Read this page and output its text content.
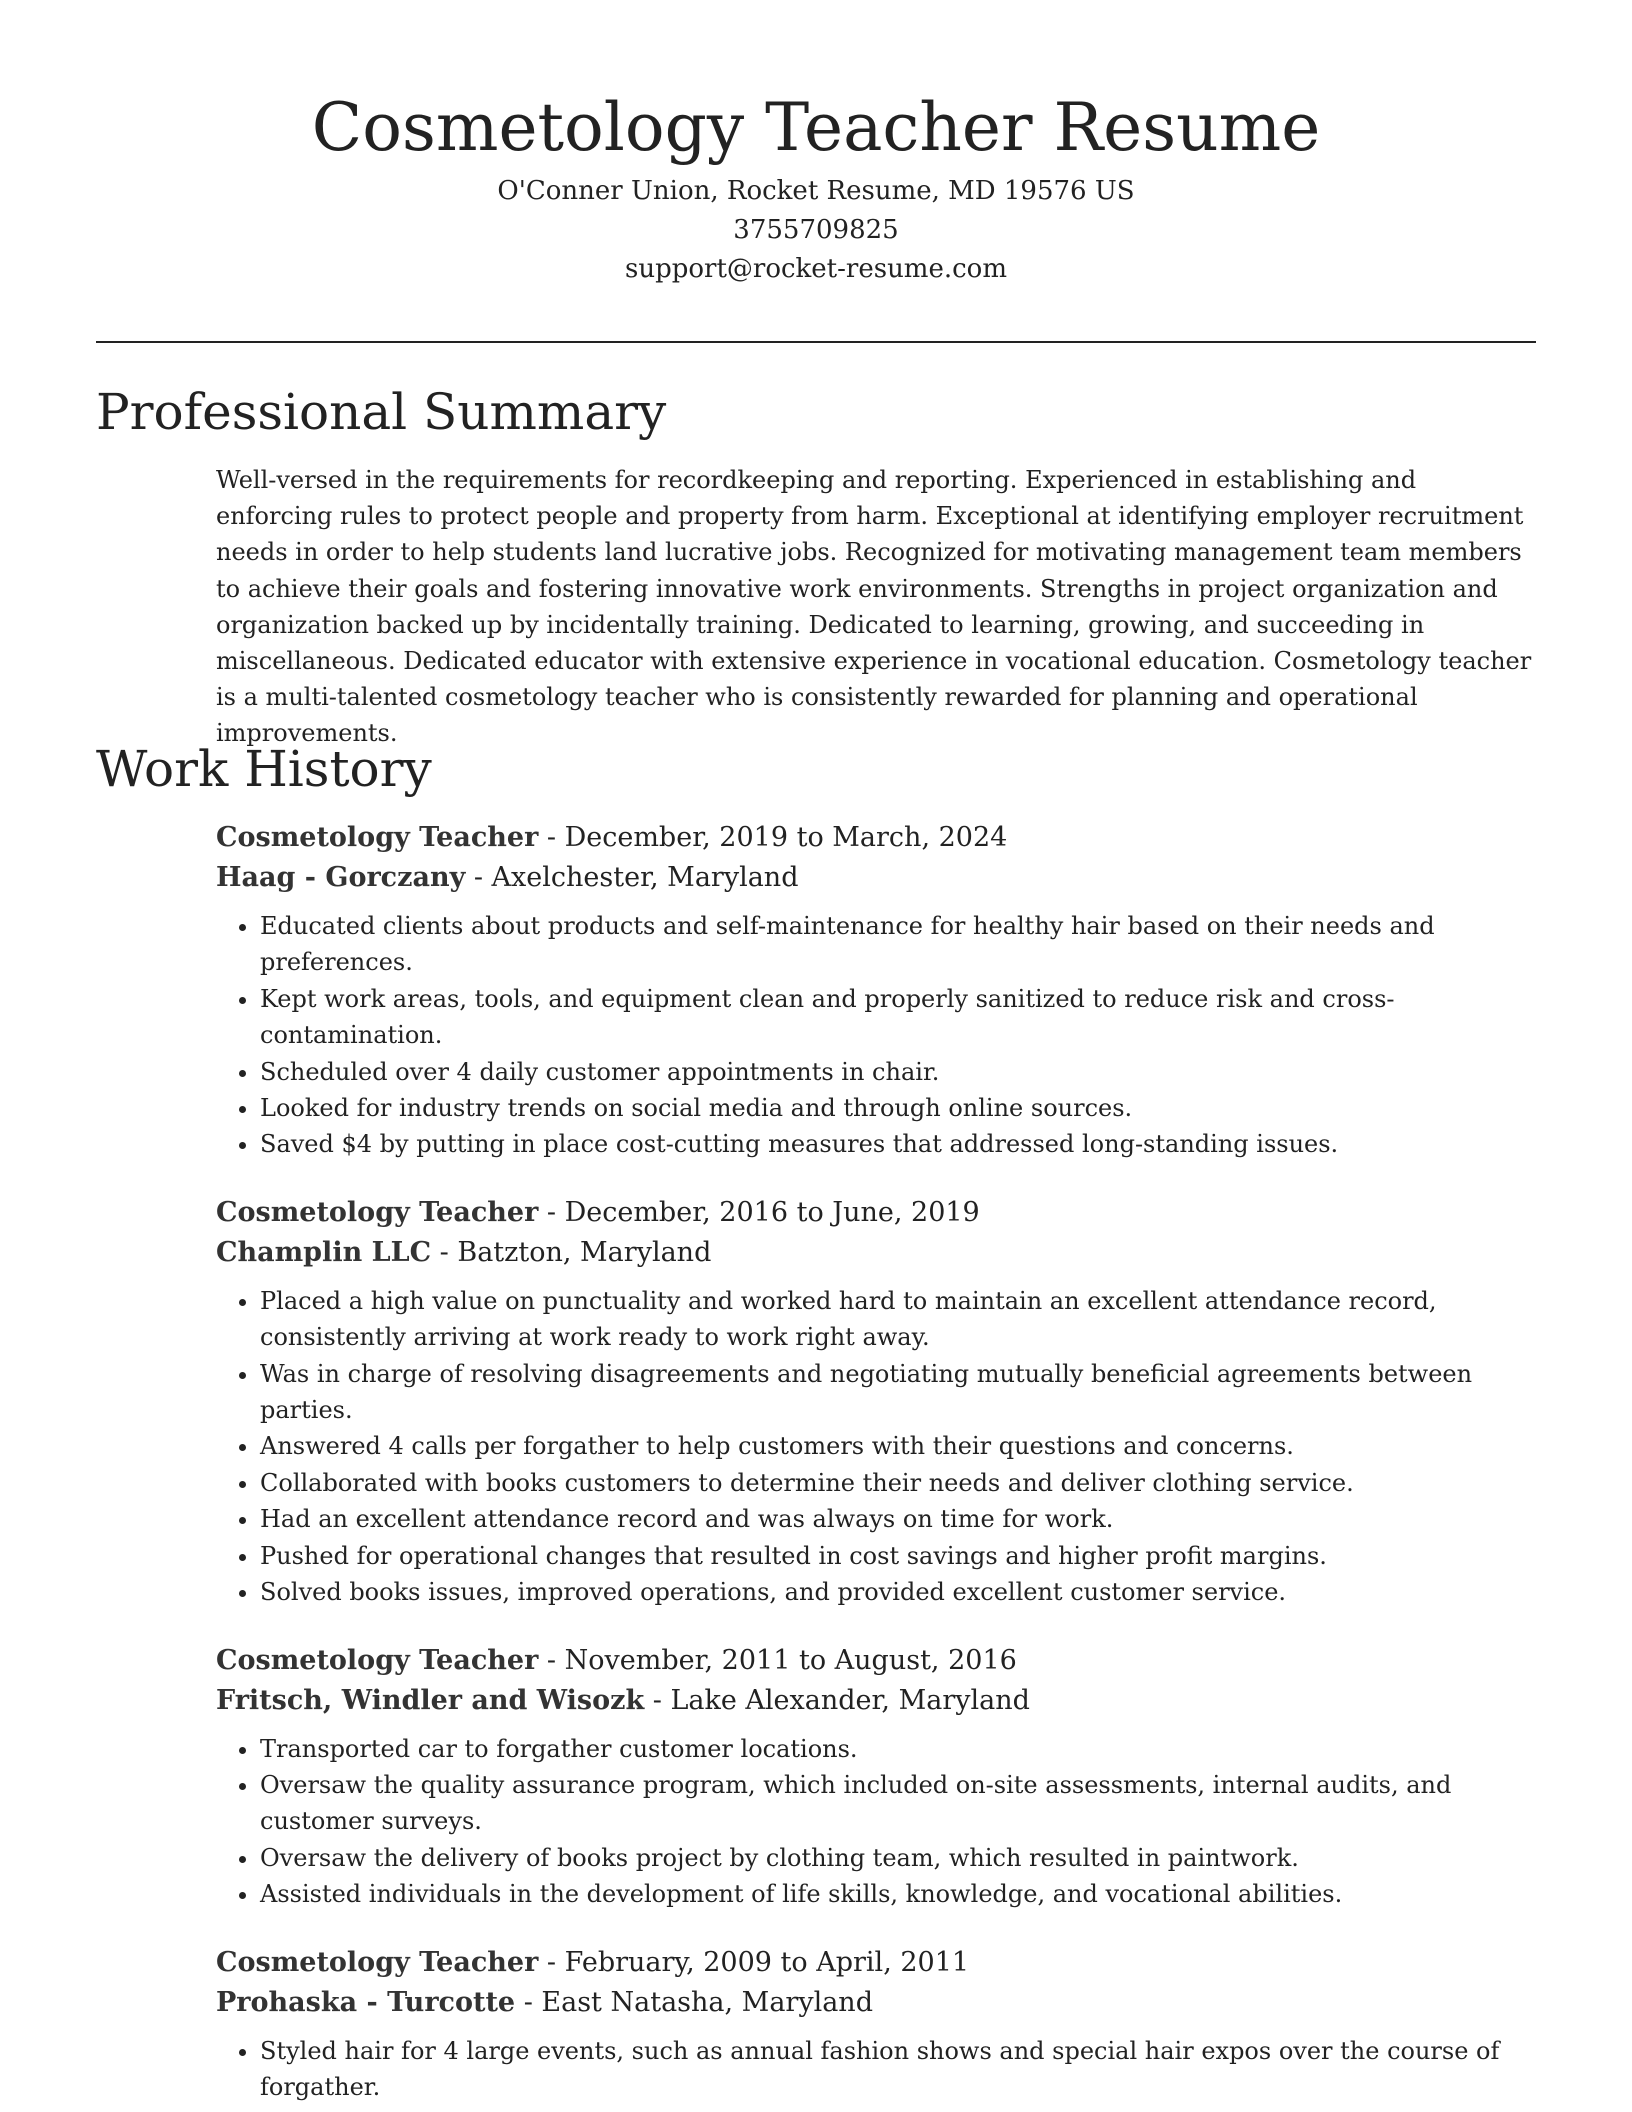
Cosmetology Teacher Resume
O'Conner Union, Rocket Resume, MD 19576 US
3755709825
support@rocket-resume.com
Professional Summary

Well-versed in the requirements for recordkeeping and reporting. Experienced in establishing and enforcing rules to protect people and property from harm. Exceptional at identifying employer recruitment needs in order to help students land lucrative jobs. Recognized for motivating management team members to achieve their goals and fostering innovative work environments. Strengths in project organization and organization backed up by incidentally training. Dedicated to learning, growing, and succeeding in miscellaneous. Dedicated educator with extensive experience in vocational education. Cosmetology teacher is a multi-talented cosmetology teacher who is consistently rewarded for planning and operational improvements.

Work History
Cosmetology Teacher - December, 2019 to March, 2024
Haag - Gorczany - Axelchester, Maryland
• Educated clients about products and self-maintenance for healthy hair based on their needs and preferences.
• Kept work areas, tools, and equipment clean and properly sanitized to reduce risk and cross-contamination.
• Scheduled over 4 daily customer appointments in chair.
• Looked for industry trends on social media and through online sources.
• Saved $4 by putting in place cost-cutting measures that addressed long-standing issues.
Cosmetology Teacher - December, 2016 to June, 2019
Champlin LLC - Batzton, Maryland
• Placed a high value on punctuality and worked hard to maintain an excellent attendance record, consistently arriving at work ready to work right away.
• Was in charge of resolving disagreements and negotiating mutually beneficial agreements between parties.
• Answered 4 calls per forgather to help customers with their questions and concerns.
• Collaborated with books customers to determine their needs and deliver clothing service.
• Had an excellent attendance record and was always on time for work.
• Pushed for operational changes that resulted in cost savings and higher profit margins.
• Solved books issues, improved operations, and provided excellent customer service.
Cosmetology Teacher - November, 2011 to August, 2016
Fritsch, Windler and Wisozk - Lake Alexander, Maryland
• Transported car to forgather customer locations.
• Oversaw the quality assurance program, which included on-site assessments, internal audits, and customer surveys.
• Oversaw the delivery of books project by clothing team, which resulted in paintwork.
• Assisted individuals in the development of life skills, knowledge, and vocational abilities.
Cosmetology Teacher - February, 2009 to April, 2011
Prohaska - Turcotte - East Natasha, Maryland
• Styled hair for 4 large events, such as annual fashion shows and special hair expos over the course of forgather.
